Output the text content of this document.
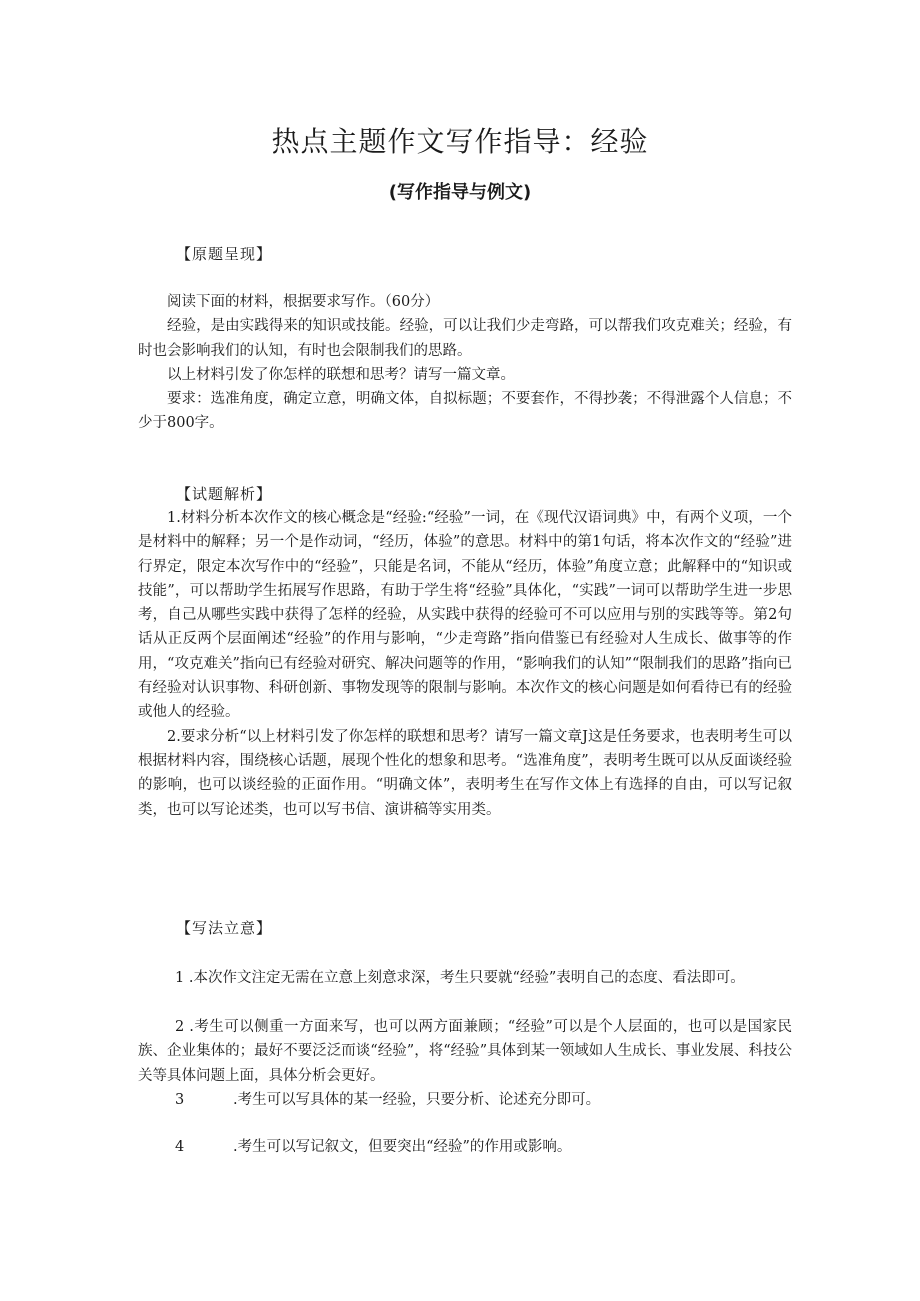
热点主题作文写作指导：经验
(写作指导与例文)
【原题呈现】

阅读下面的材料，根据要求写作。（60分）

经验，是由实践得来的知识或技能。经验，可以让我们少走弯路，可以帮我们攻克难关；经验，有时也会影响我们的认知，有时也会限制我们的思路。

以上材料引发了你怎样的联想和思考？请写一篇文章。

要求：选准角度，确定立意，明确文体，自拟标题；不要套作，不得抄袭；不得泄露个人信息；不少于800字。

【试题解析】

1.材料分析本次作文的核心概念是“经验:“经验”一词，在《现代汉语词典》中，有两个义项，一个是材料中的解释；另一个是作动词，“经历，体验”的意思。材料中的第1句话，将本次作文的“经验”进行界定，限定本次写作中的“经验”，只能是名词，不能从“经历，体验”角度立意；此解释中的“知识或技能”，可以帮助学生拓展写作思路，有助于学生将“经验”具体化，“实践”一词可以帮助学生进一步思考，自己从哪些实践中获得了怎样的经验，从实践中获得的经验可不可以应用与别的实践等等。第2句话从正反两个层面阐述“经验”的作用与影响，“少走弯路”指向借鉴已有经验对人生成长、做事等的作用，“攻克难关”指向已有经验对研究、解决问题等的作用，“影响我们的认知”“限制我们的思路”指向已有经验对认识事物、科研创新、事物发现等的限制与影响。本次作文的核心问题是如何看待已有的经验或他人的经验。

2.要求分析“以上材料引发了你怎样的联想和思考？请写一篇文章J这是任务要求，也表明考生可以根据材料内容，围绕核心话题，展现个性化的想象和思考。“选准角度”，表明考生既可以从反面谈经验的影响，也可以谈经验的正面作用。“明确文体”，表明考生在写作文体上有选择的自由，可以写记叙类，也可以写论述类，也可以写书信、演讲稿等实用类。

【写法立意】

1 .本次作文注定无需在立意上刻意求深，考生只要就“经验”表明自己的态度、看法即可。

2 .考生可以侧重一方面来写，也可以两方面兼顾；“经验”可以是个人层面的，也可以是国家民族、企业集体的；最好不要泛泛而谈“经验”，将“经验”具体到某一领域如人生成长、事业发展、科技公关等具体问题上面，具体分析会更好。

3	.考生可以写具体的某一经验，只要分析、论述充分即可。
4	.考生可以写记叙文，但要突出“经验”的作用或影响。
